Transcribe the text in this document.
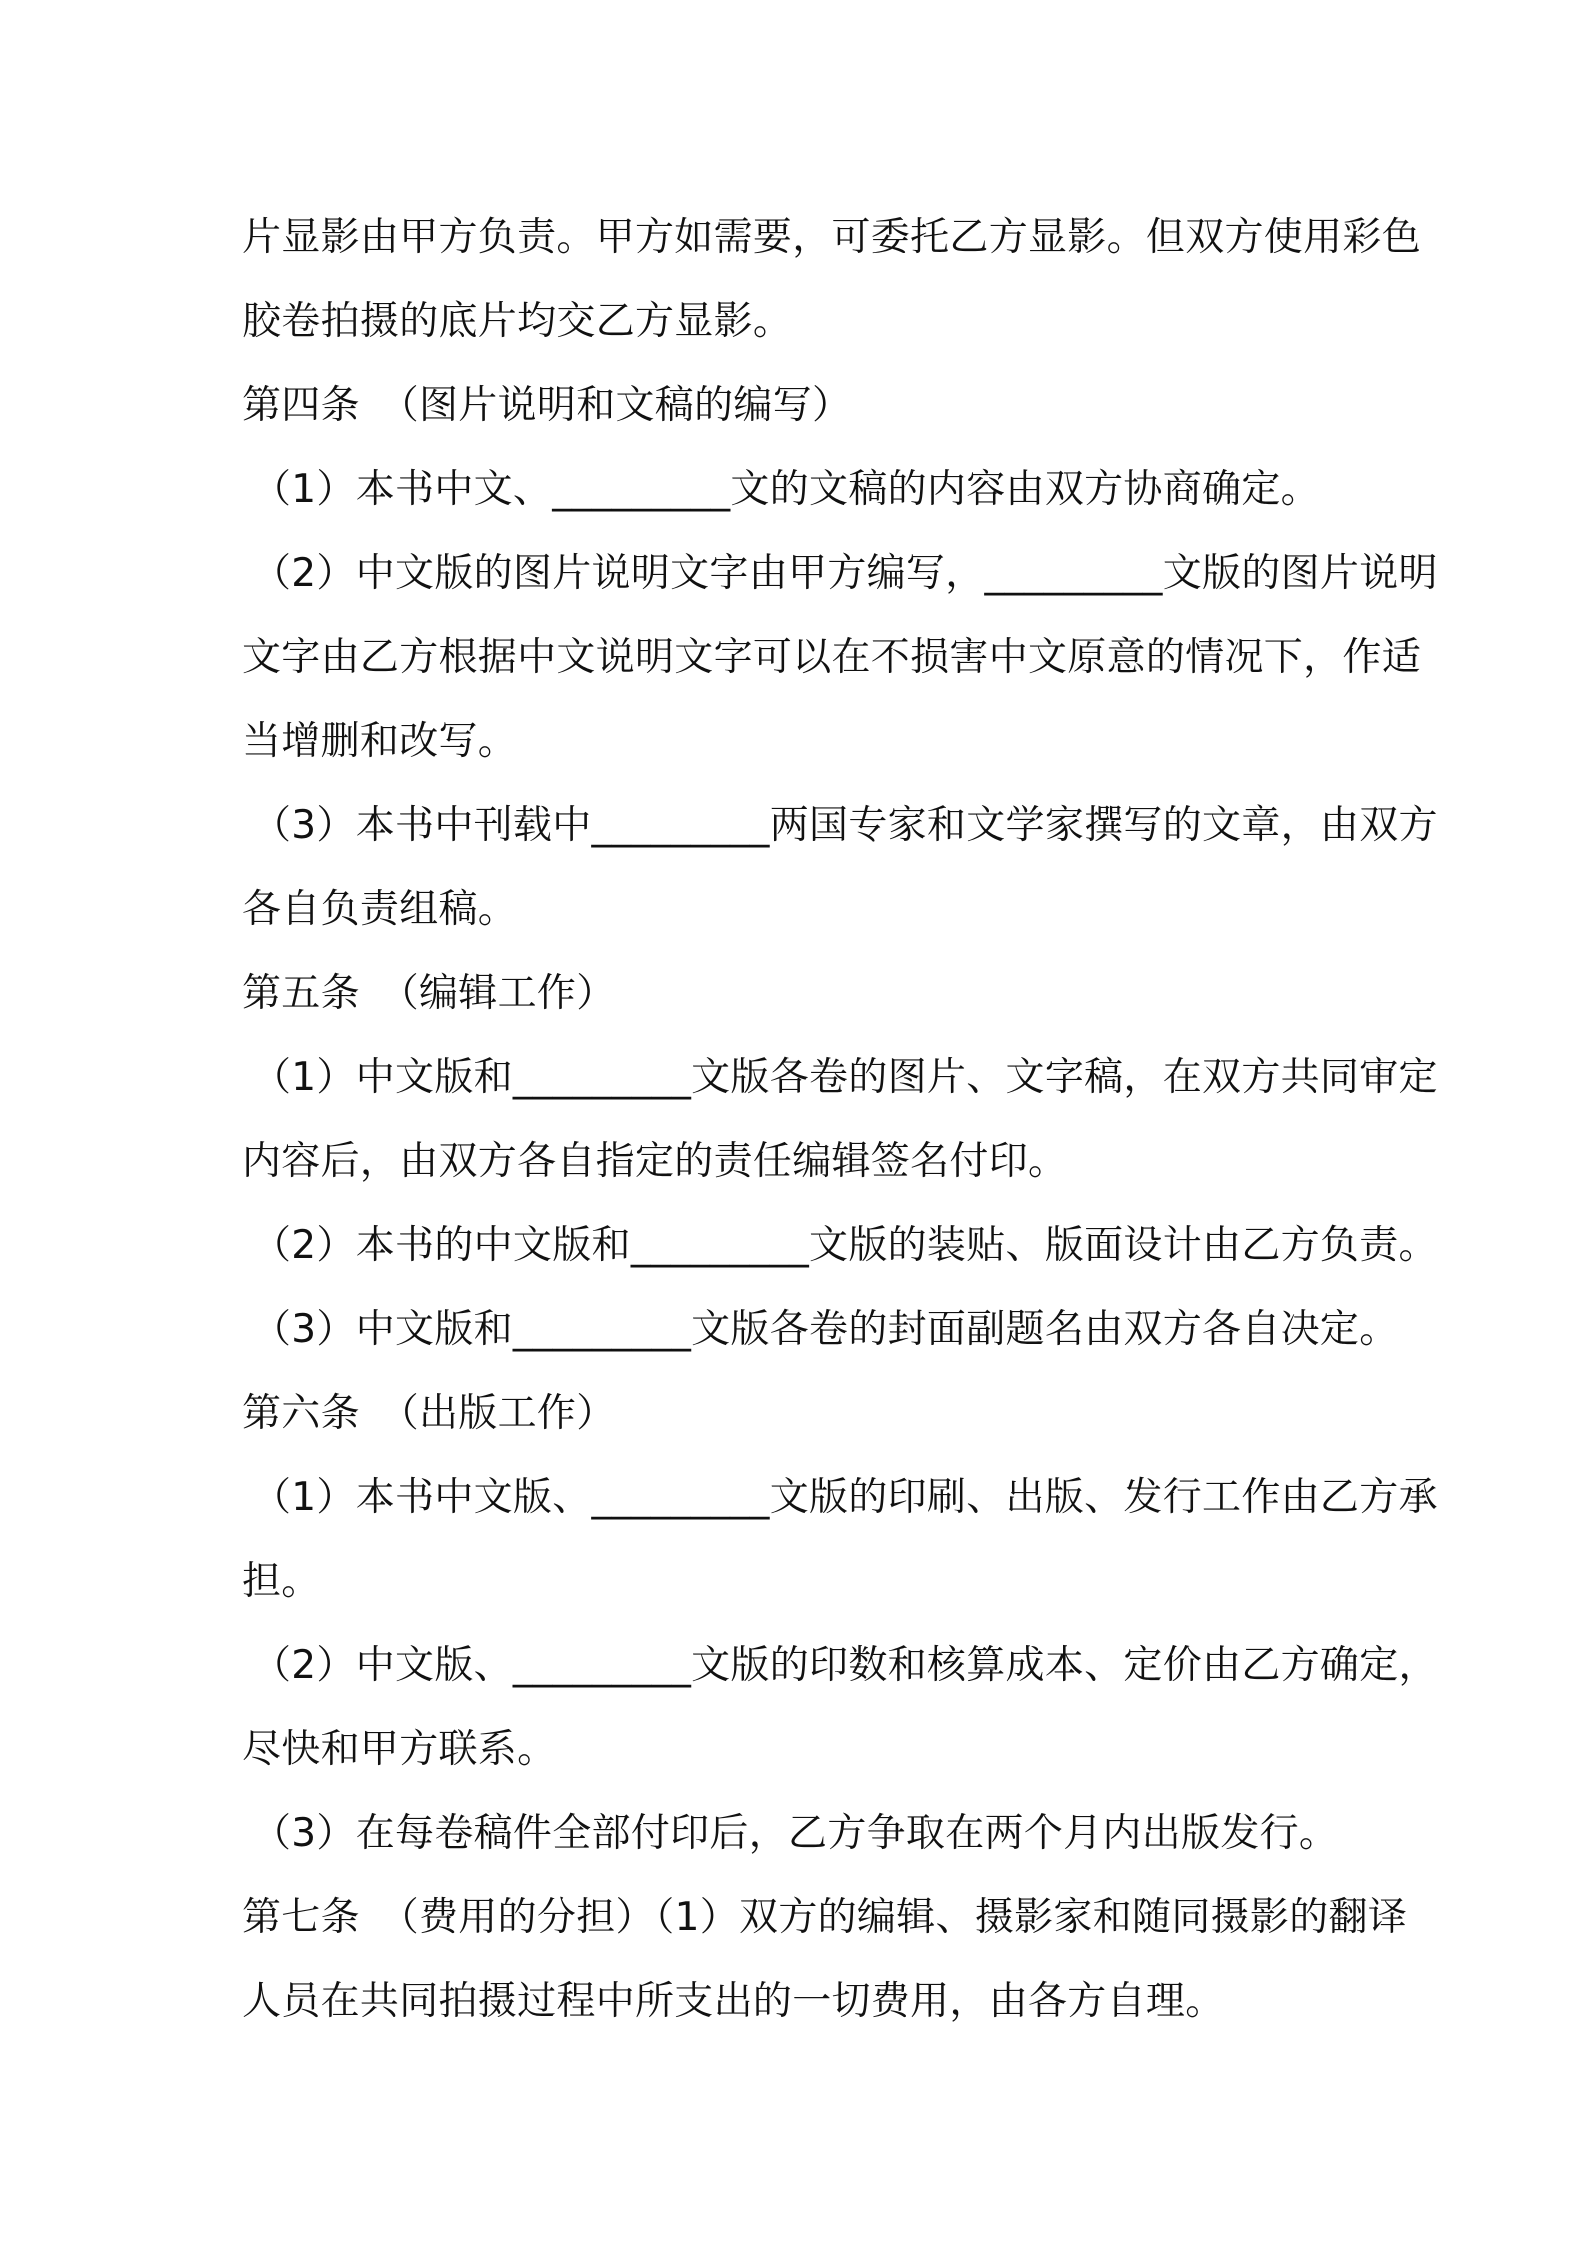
片显影由甲方负责。甲方如需要，可委托乙方显影。但双方使用彩色
胶卷拍摄的底片均交乙方显影。
第四条　（图片说明和文稿的编写）
（1）本书中文、_________文的文稿的内容由双方协商确定。
（2）中文版的图片说明文字由甲方编写，_________文版的图片说明
文字由乙方根据中文说明文字可以在不损害中文原意的情况下，作适
当增删和改写。
（3）本书中刊载中_________两国专家和文学家撰写的文章，由双方
各自负责组稿。
第五条　（编辑工作）
（1）中文版和_________文版各卷的图片、文字稿，在双方共同审定
内容后，由双方各自指定的责任编辑签名付印。
（2）本书的中文版和_________文版的装贴、版面设计由乙方负责。
（3）中文版和_________文版各卷的封面副题名由双方各自决定。
第六条　（出版工作）
（1）本书中文版、_________文版的印刷、出版、发行工作由乙方承
担。
（2）中文版、_________文版的印数和核算成本、定价由乙方确定，
尽快和甲方联系。
（3）在每卷稿件全部付印后，乙方争取在两个月内出版发行。
第七条　（费用的分担）（1）双方的编辑、摄影家和随同摄影的翻译
人员在共同拍摄过程中所支出的一切费用，由各方自理。
